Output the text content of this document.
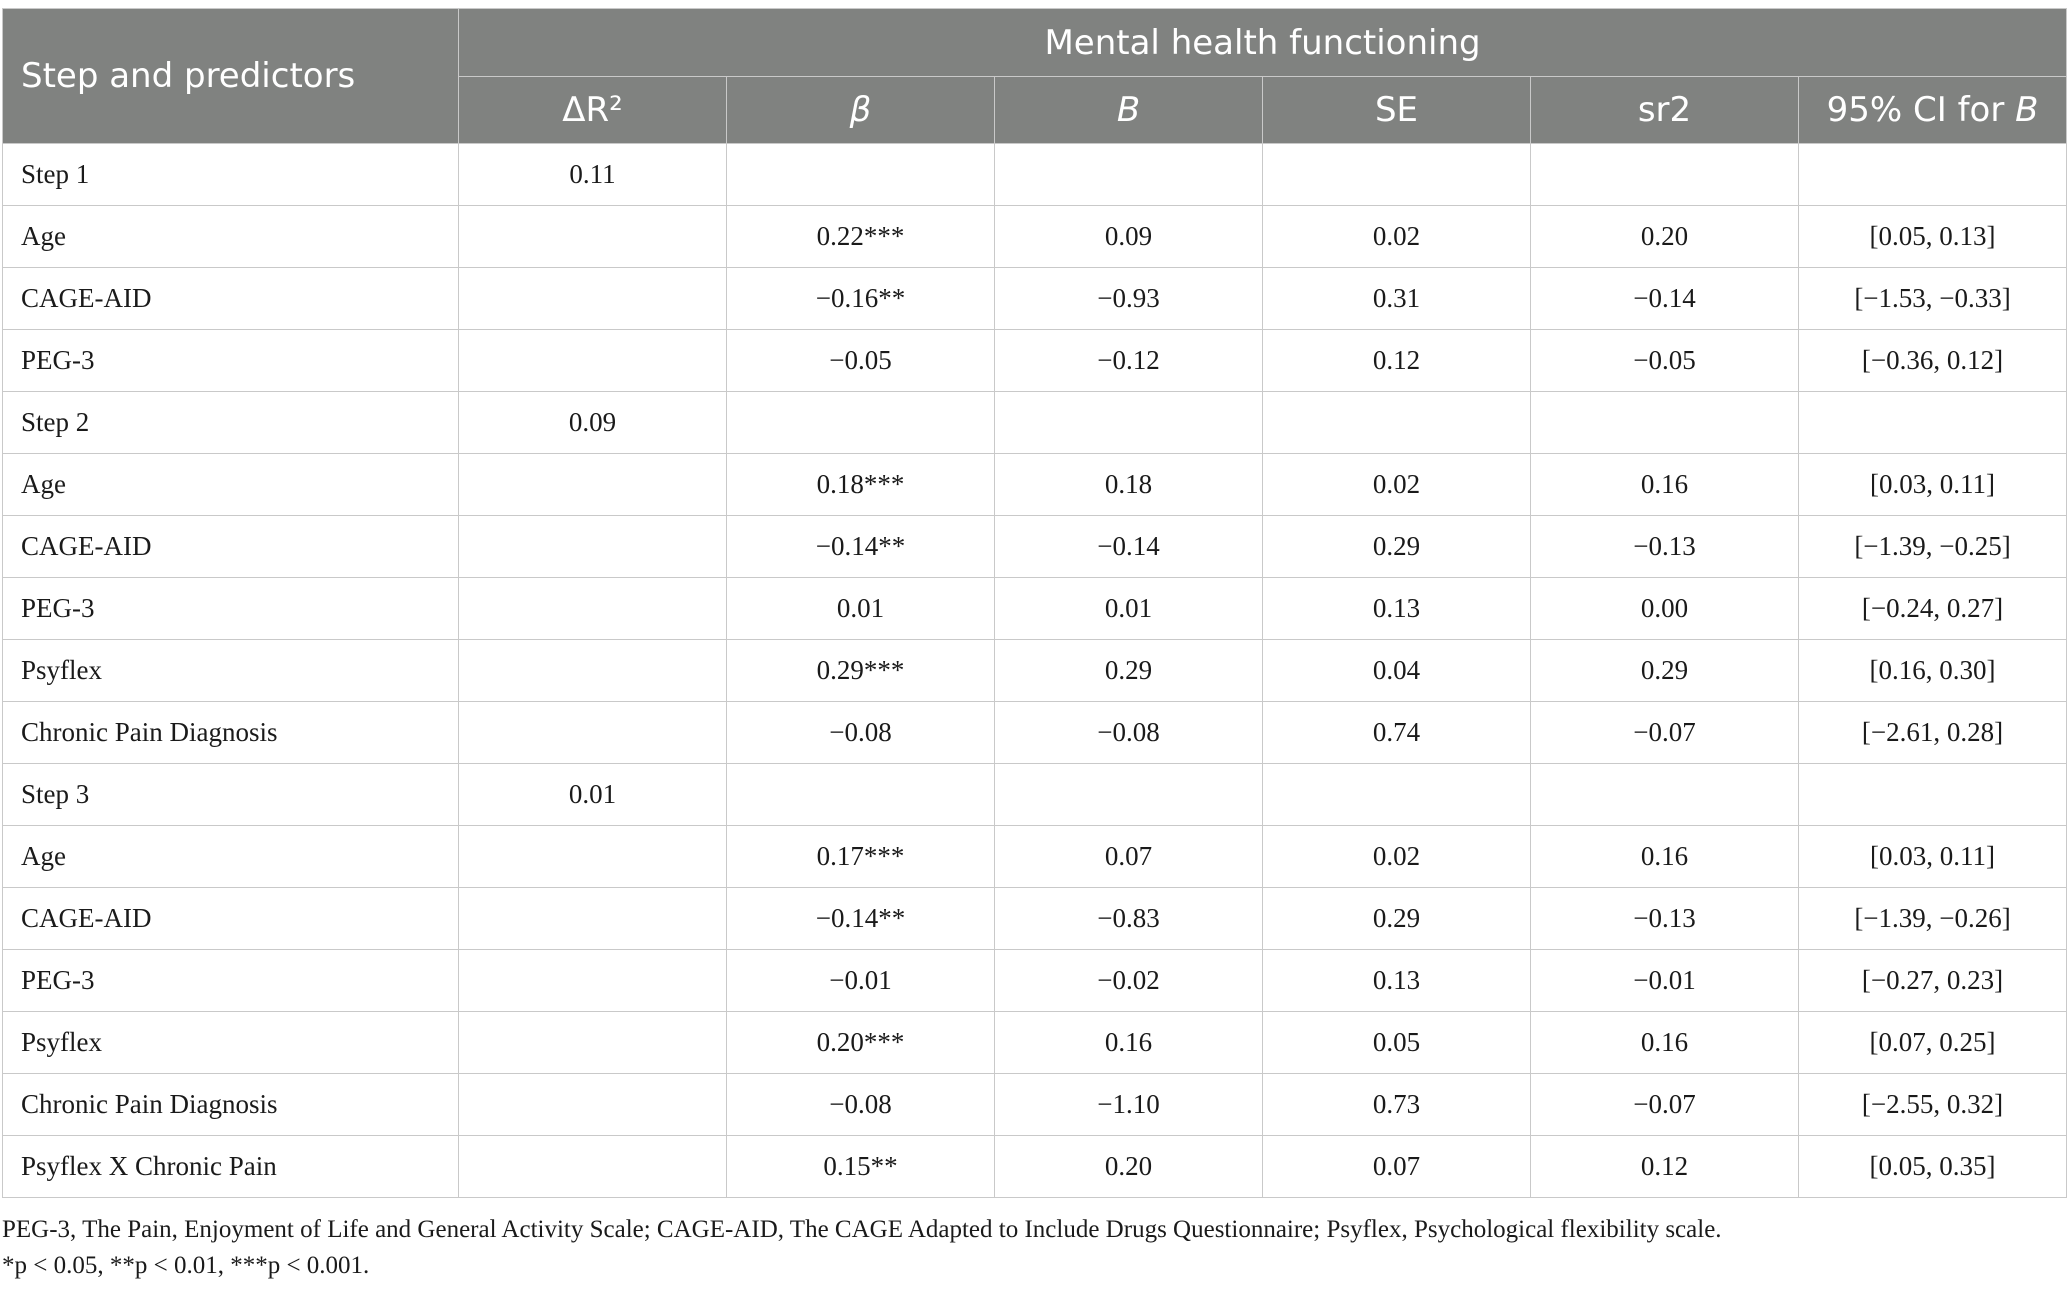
Step and predictors	Mental health functioning					
	ΔR²	β	B	SE	sr2	95% CI for B
Step 1	0.11					
Age		0.22***	0.09	0.02	0.20	[0.05, 0.13]
CAGE-AID		−0.16**	−0.93	0.31	−0.14	[−1.53, −0.33]
PEG-3		−0.05	−0.12	0.12	−0.05	[−0.36, 0.12]
Step 2	0.09					
Age		0.18***	0.18	0.02	0.16	[0.03, 0.11]
CAGE-AID		−0.14**	−0.14	0.29	−0.13	[−1.39, −0.25]
PEG-3		0.01	0.01	0.13	0.00	[−0.24, 0.27]
Psyflex		0.29***	0.29	0.04	0.29	[0.16, 0.30]
Chronic Pain Diagnosis		−0.08	−0.08	0.74	−0.07	[−2.61, 0.28]
Step 3	0.01					
Age		0.17***	0.07	0.02	0.16	[0.03, 0.11]
CAGE-AID		−0.14**	−0.83	0.29	−0.13	[−1.39, −0.26]
PEG-3		−0.01	−0.02	0.13	−0.01	[−0.27, 0.23]
Psyflex		0.20***	0.16	0.05	0.16	[0.07, 0.25]
Chronic Pain Diagnosis		−0.08	−1.10	0.73	−0.07	[−2.55, 0.32]
Psyflex X Chronic Pain		0.15**	0.20	0.07	0.12	[0.05, 0.35]
PEG-3, The Pain, Enjoyment of Life and General Activity Scale; CAGE-AID, The CAGE Adapted to Include Drugs Questionnaire; Psyflex, Psychological flexibility scale.
*p < 0.05, **p < 0.01, ***p < 0.001.
